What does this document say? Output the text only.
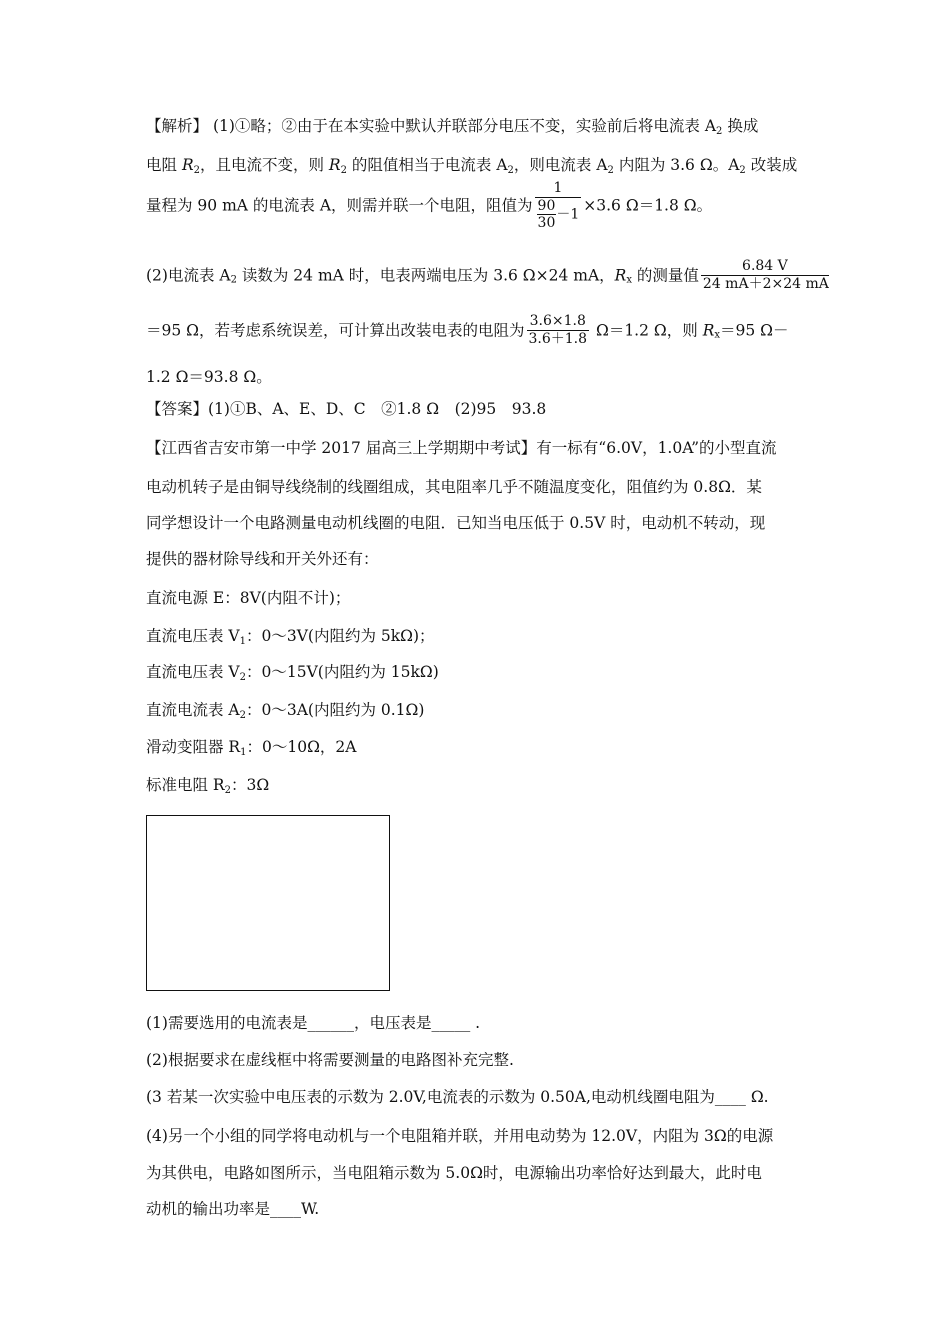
【解析】 (1)①略；②由于在本实验中默认并联部分电压不变，实验前后将电流表 $A_2$ 换成
电阻 $R_2$，且电流不变，则 $R_2$ 的阻值相当于电流表 $A_2$，则电流表 $A_2$ 内阻为 3.6 Ω。$A_2$ 改装成
量程为 90 mA 的电流表 A，则需并联一个电阻，阻值为 $\frac{1}{\frac{90}{30} -1} \times 3.6$ Ω＝1.8 Ω。
(2)电流表 $A_2$ 读数为 24 mA 时，电表两端电压为 3.6 Ω×24 mA，$R_x$ 的测量值 $\frac{6.84 V}{24 mA+2\times 24 mA}$
＝95 Ω，若考虑系统误差，可计算出改装电表的电阻为 $\frac{3.6\times 1.8}{3.6+1.8} \Omega=1.2$ Ω，则 $R_x=95$ Ω－
1.2 Ω＝93.8 Ω。
【答案】(1)①B、A、E、D、C　②1.8 Ω　(2)95　93.8
【江西省吉安市第一中学 2017 届高三上学期期中考试】有一标有“6.0V，1.0A”的小型直流
电动机转子是由铜导线绕制的线圈组成，其电阻率几乎不随温度变化，阻值约为 0.8Ω．某
同学想设计一个电路测量电动机线圈的电阻．已知当电压低于 0.5V 时，电动机不转动，现
提供的器材除导线和开关外还有：
直流电源 E：8V(内阻不计)；
直流电压表 $V_1$：0～3V(内阻约为 5kΩ)；
直流电压表 $V_2$：0～15V(内阻约为 15kΩ)
直流电流表 $A_2$：0～3A(内阻约为 0.1Ω)
滑动变阻器 $R_1$：0～10Ω，2A
标准电阻 $R_2$：3Ω
(1)需要选用的电流表是______，电压表是_____ .
(2)根据要求在虚线框中将需要测量的电路图补充完整.
(3 若某一次实验中电压表的示数为 2.0V,电流表的示数为 0.50A,电动机线圈电阻为____ Ω.
(4)另一个小组的同学将电动机与一个电阻箱并联，并用电动势为 12.0V，内阻为 3Ω的电源
为其供电，电路如图所示，当电阻箱示数为 5.0Ω时，电源输出功率恰好达到最大，此时电
动机的输出功率是____W.
